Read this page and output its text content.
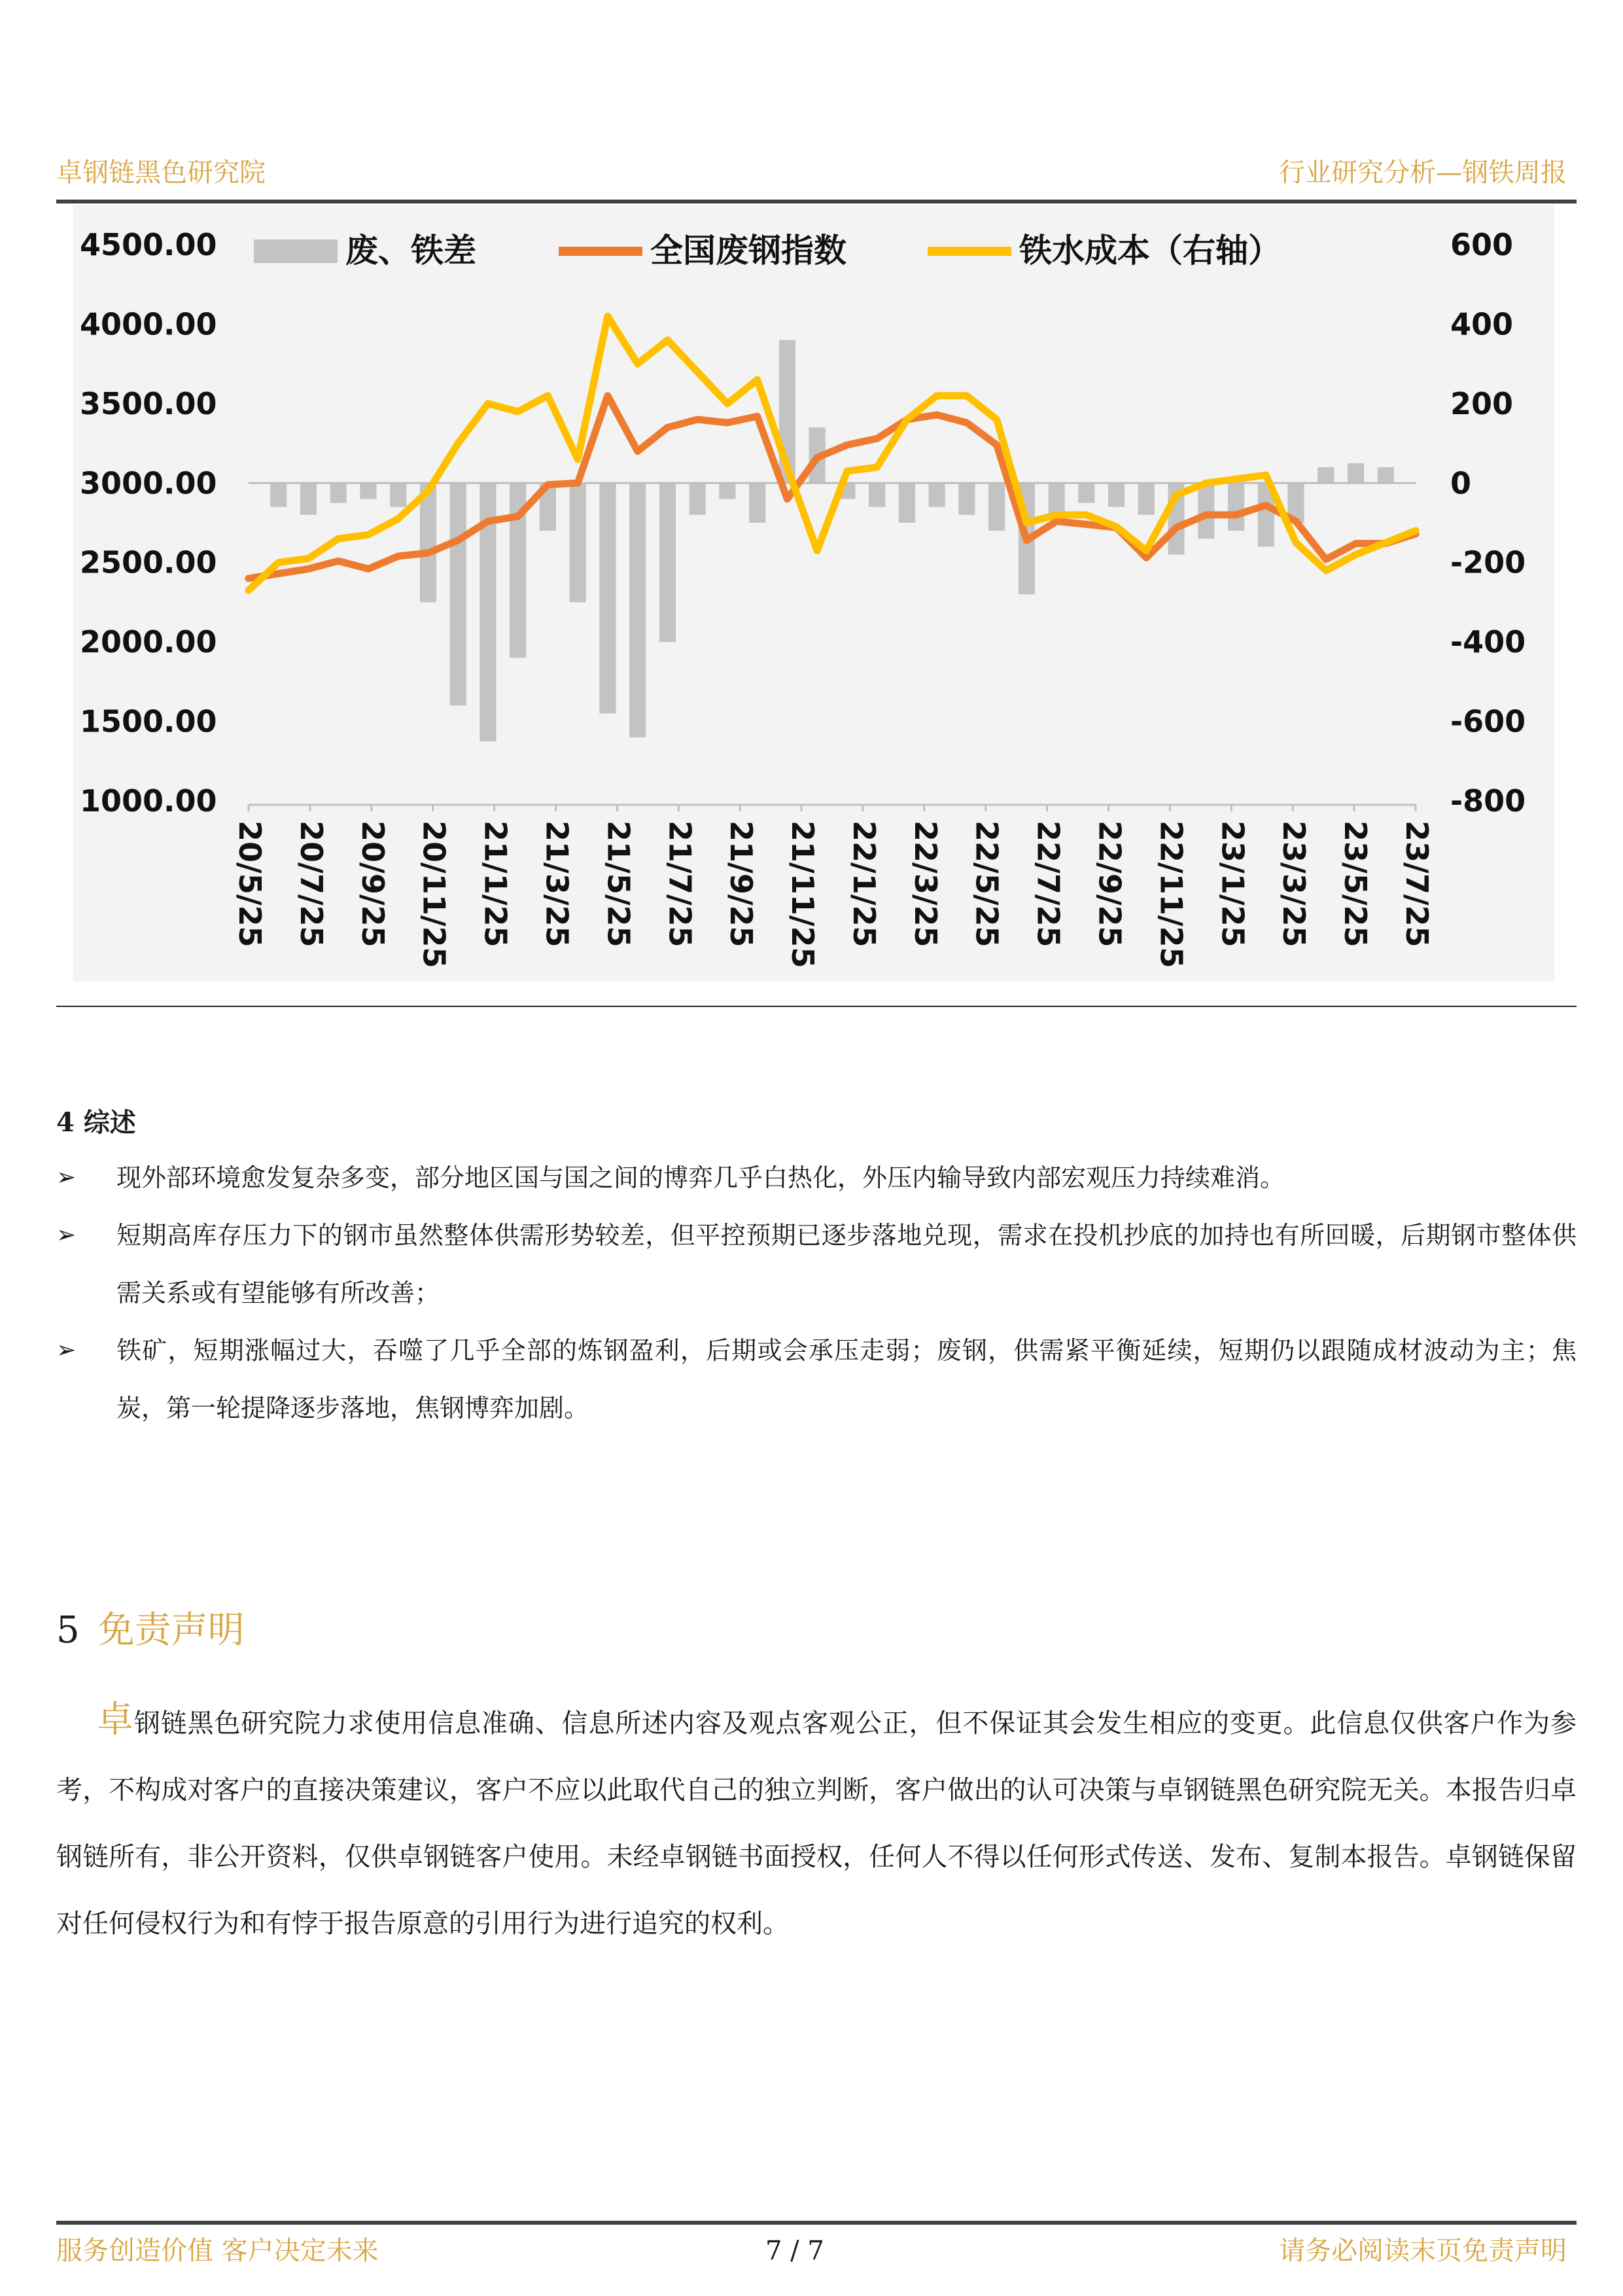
卓钢链黑色研究院	行业研究分析—钢铁周报
4500.00
4000.00
3500.00
3000.00
2500.00
2000.00
1500.00
1000.00
600
400
200
0
-200
-400
-600
-800
20/5/25 20/7/25 20/9/25 20/11/25 21/1/25 21/3/25 21/5/25 21/7/25 21/9/25 21/11/25 22/1/25 22/3/25 22/5/25 22/7/25 22/9/25 22/11/25 23/1/25 23/3/25 23/5/25 23/7/25
废、铁差	全国废钢指数	铁水成本（右轴）
4 综述
➢	现外部环境愈发复杂多变，部分地区国与国之间的博弈几乎白热化，外压内输导致内部宏观压力持续难消。
➢	短期高库存压力下的钢市虽然整体供需形势较差，但平控预期已逐步落地兑现，需求在投机抄底的加持也有所回暖，后期钢市整体供需关系或有望能够有所改善；
➢	铁矿，短期涨幅过大，吞噬了几乎全部的炼钢盈利，后期或会承压走弱；废钢，供需紧平衡延续，短期仍以跟随成材波动为主；焦炭，第一轮提降逐步落地，焦钢博弈加剧。
5 免责声明
卓钢链黑色研究院力求使用信息准确、信息所述内容及观点客观公正，但不保证其会发生相应的变更。此信息仅供客户作为参考，不构成对客户的直接决策建议，客户不应以此取代自己的独立判断，客户做出的认可决策与卓钢链黑色研究院无关。本报告归卓钢链所有，非公开资料，仅供卓钢链客户使用。未经卓钢链书面授权，任何人不得以任何形式传送、发布、复制本报告。卓钢链保留对任何侵权行为和有悖于报告原意的引用行为进行追究的权利。
服务创造价值 客户决定未来	7 / 7	请务必阅读末页免责声明
